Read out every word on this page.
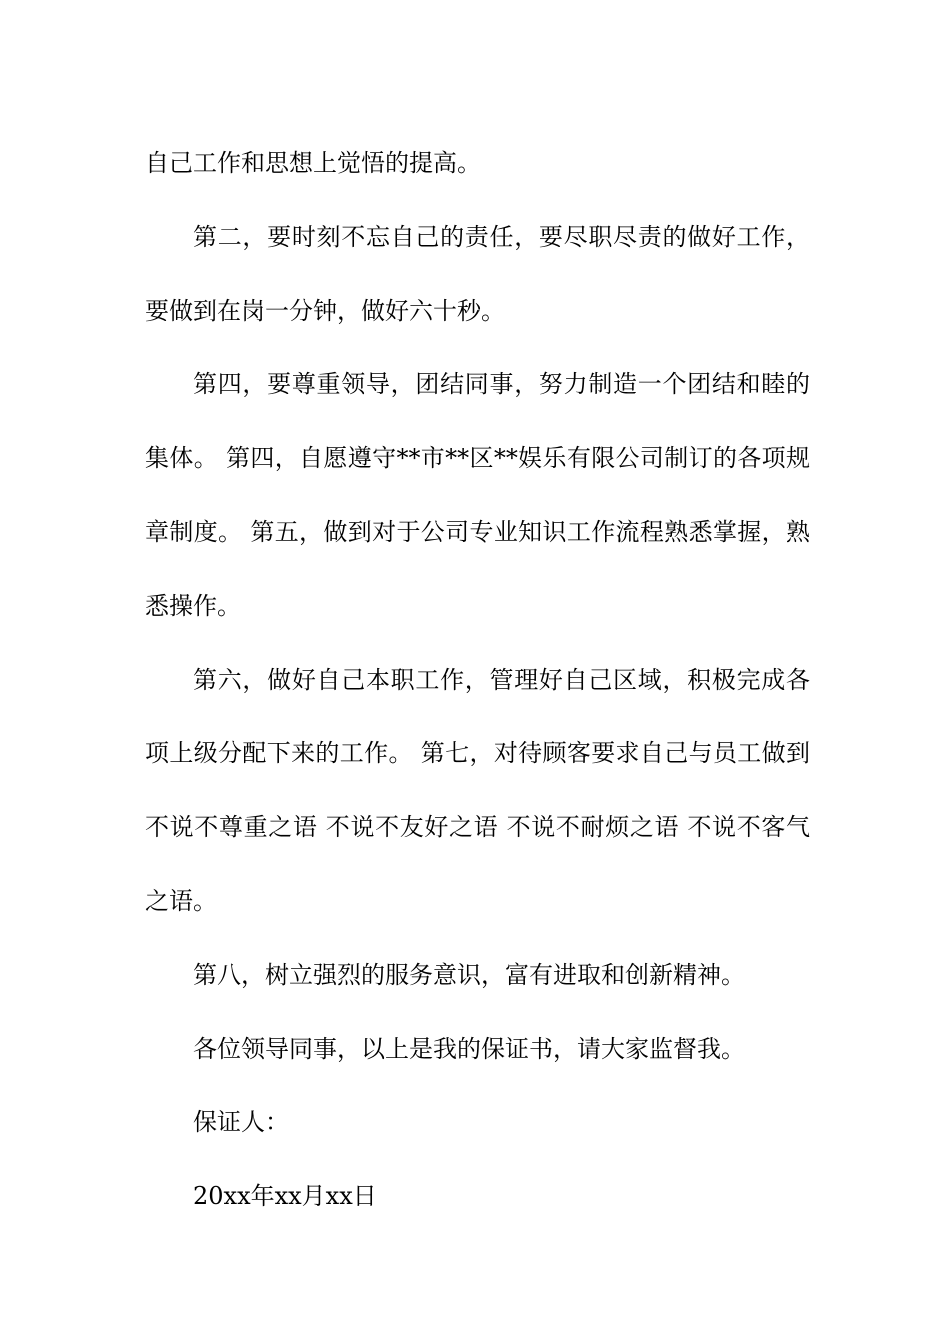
自己工作和思想上觉悟的提高。

第二，要时刻不忘自己的责任，要尽职尽责的做好工作，要做到在岗一分钟，做好六十秒。

第四，要尊重领导，团结同事，努力制造一个团结和睦的集体。 第四，自愿遵守**市**区**娱乐有限公司制订的各项规章制度。 第五，做到对于公司专业知识工作流程熟悉掌握，熟悉操作。

第六，做好自己本职工作，管理好自己区域，积极完成各项上级分配下来的工作。 第七，对待顾客要求自己与员工做到不说不尊重之语 不说不友好之语 不说不耐烦之语 不说不客气之语。

第八，树立强烈的服务意识，富有进取和创新精神。

各位领导同事，以上是我的保证书，请大家监督我。

保证人：

20xx年xx月xx日
